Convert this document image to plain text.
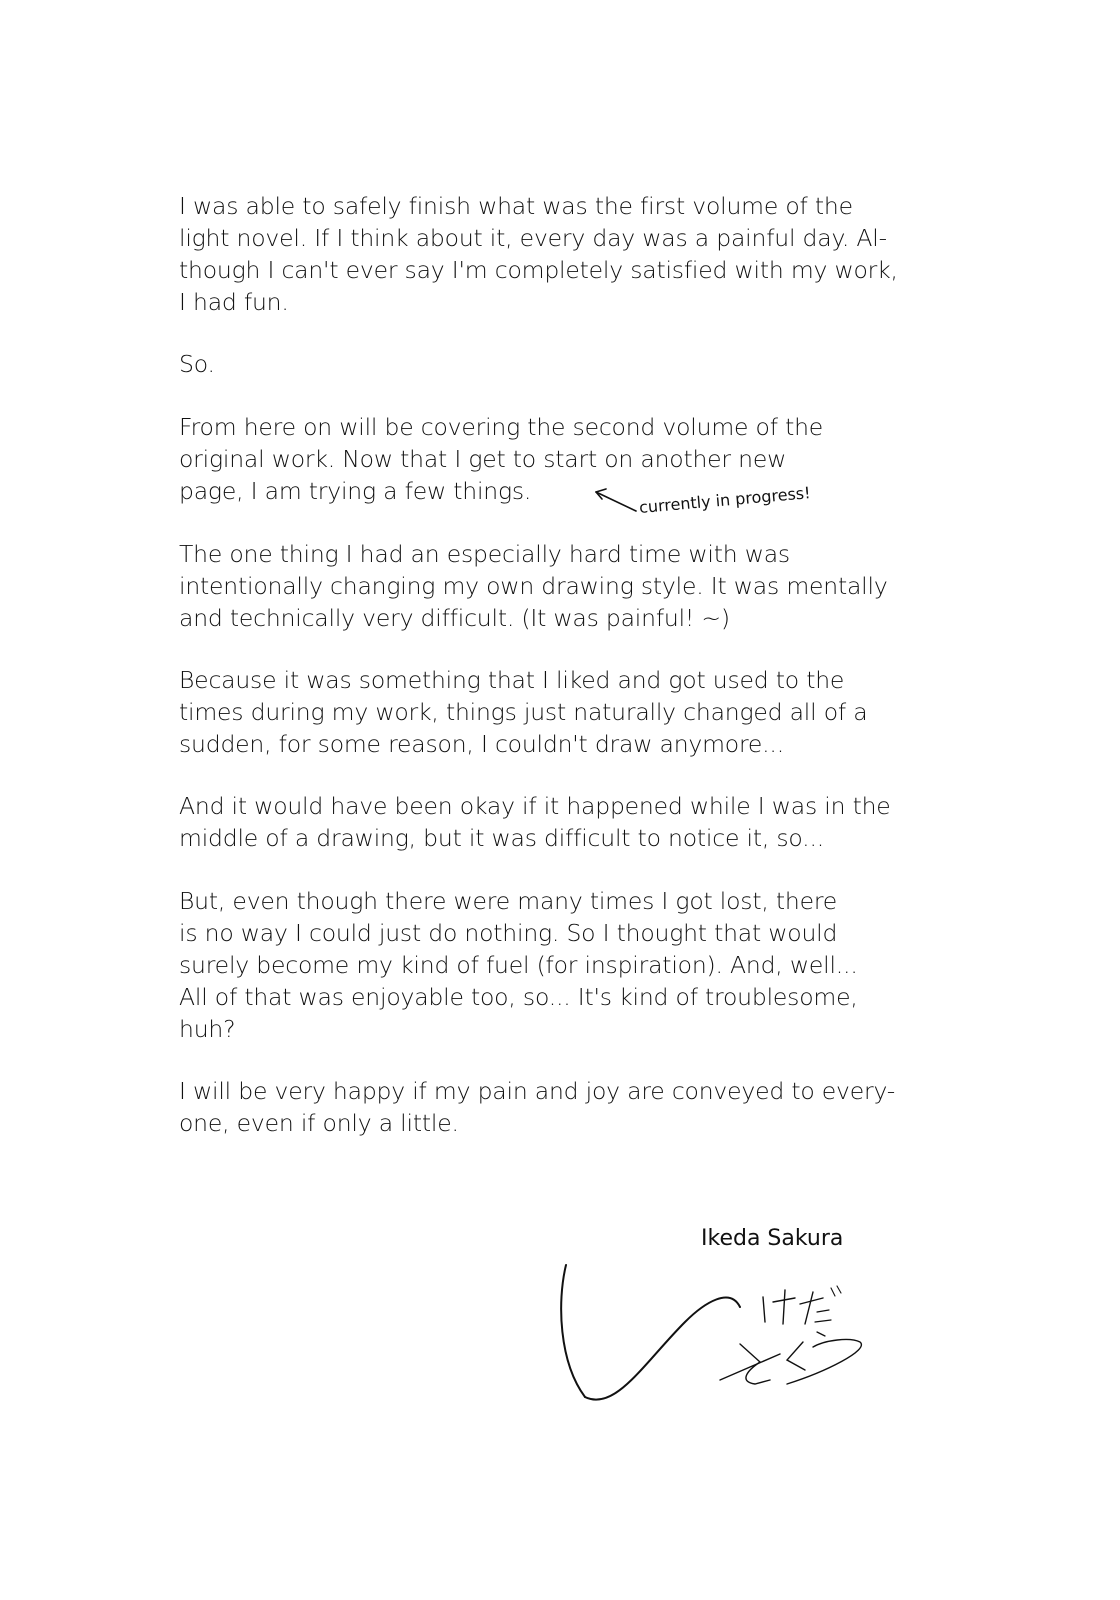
I was able to safely finish what was the first volume of the
light novel. If I think about it, every day was a painful day. Al-
though I can't ever say I'm completely satisfied with my work,
I had fun.
So.
From here on will be covering the second volume of the
original work. Now that I get to start on another new
page, I am trying a few things.	currently in progress!
The one thing I had an especially hard time with was
intentionally changing my own drawing style. It was mentally
and technically very difficult. (It was painful! ~)
Because it was something that I liked and got used to the
times during my work, things just naturally changed all of a
sudden, for some reason, I couldn't draw anymore...
And it would have been okay if it happened while I was in the
middle of a drawing, but it was difficult to notice it, so...
But, even though there were many times I got lost, there
is no way I could just do nothing. So I thought that would
surely become my kind of fuel (for inspiration). And, well...
All of that was enjoyable too, so... It's kind of troublesome,
huh?
I will be very happy if my pain and joy are conveyed to every-
one, even if only a little.
Ikeda Sakura
